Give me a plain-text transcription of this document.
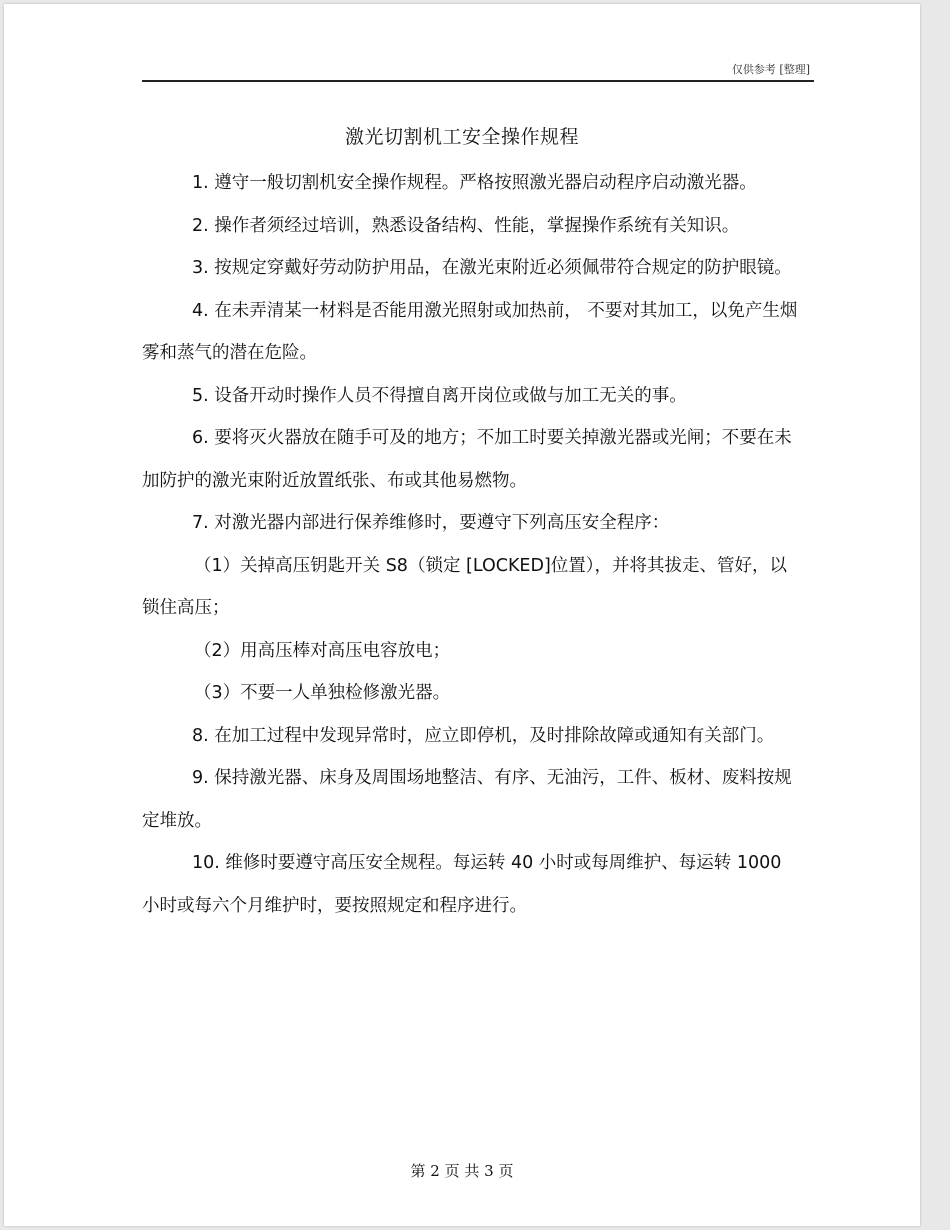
仅供参考 [整理]
激光切割机工安全操作规程

1. 遵守一般切割机安全操作规程。严格按照激光器启动程序启动激光器。

2. 操作者须经过培训，熟悉设备结构、性能，掌握操作系统有关知识。

3. 按规定穿戴好劳动防护用品，在激光束附近必须佩带符合规定的防护眼镜。

4. 在未弄清某一材料是否能用激光照射或加热前， 不要对其加工，以免产生烟雾和蒸气的潜在危险。

5. 设备开动时操作人员不得擅自离开岗位或做与加工无关的事。

6. 要将灭火器放在随手可及的地方；不加工时要关掉激光器或光闸；不要在未加防护的激光束附近放置纸张、布或其他易燃物。

7. 对激光器内部进行保养维修时，要遵守下列高压安全程序：

（1）关掉高压钥匙开关 S8（锁定 [LOCKED]位置），并将其拔走、管好，以锁住高压；

（2）用高压棒对高压电容放电；

（3）不要一人单独检修激光器。

8. 在加工过程中发现异常时，应立即停机，及时排除故障或通知有关部门。

9. 保持激光器、床身及周围场地整洁、有序、无油污，工件、板材、废料按规定堆放。

10. 维修时要遵守高压安全规程。每运转 40 小时或每周维护、每运转 1000 小时或每六个月维护时，要按照规定和程序进行。

第 2 页 共 3 页
